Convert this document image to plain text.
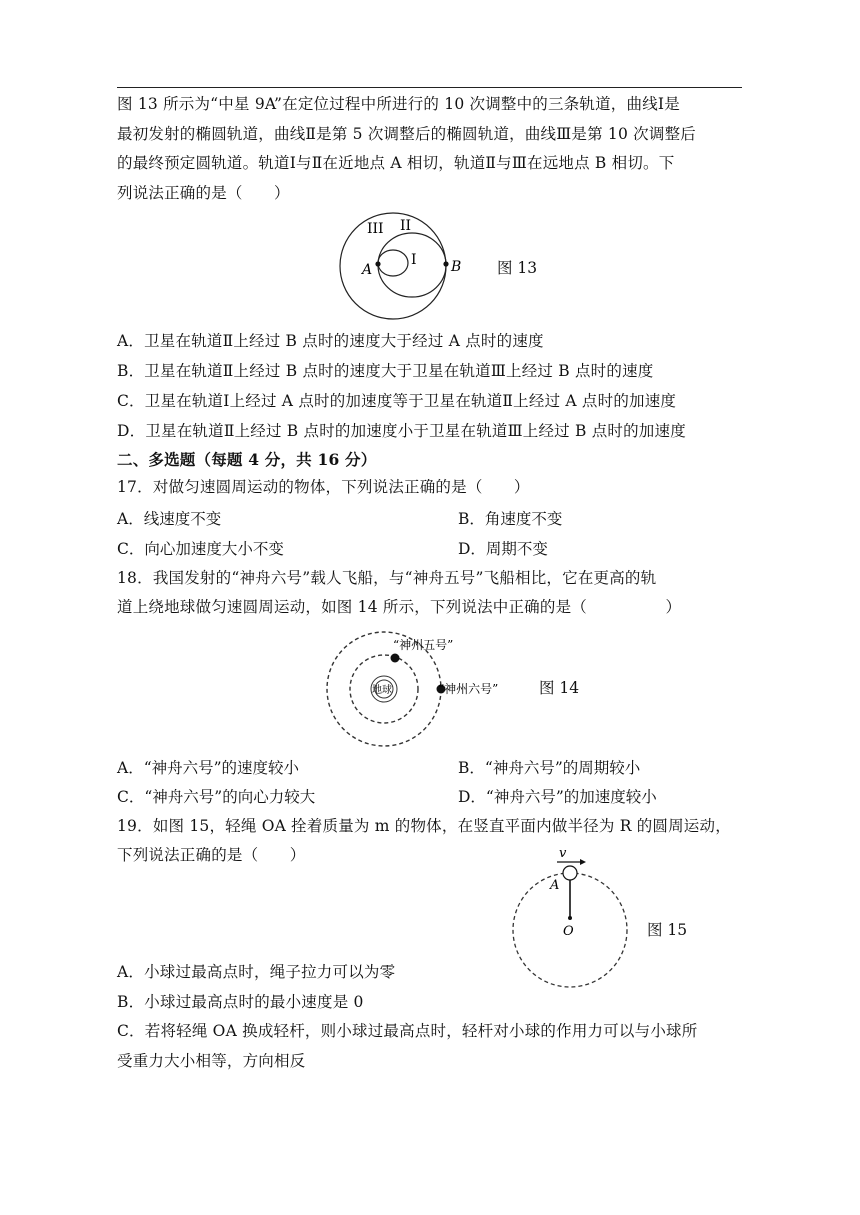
图 13 所示为“中星 9A”在定位过程中所进行的 10 次调整中的三条轨道，曲线Ⅰ是
最初发射的椭圆轨道，曲线Ⅱ是第 5 次调整后的椭圆轨道，曲线Ⅲ是第 10 次调整后
的最终预定圆轨道。轨道Ⅰ与Ⅱ在近地点 A 相切，轨道Ⅱ与Ⅲ在远地点 B 相切。下
列说法正确的是（　　）
III II
I
A	B 图 13
A．卫星在轨道Ⅱ上经过 B 点时的速度大于经过 A 点时的速度
B．卫星在轨道Ⅱ上经过 B 点时的速度大于卫星在轨道Ⅲ上经过 B 点时的速度
C．卫星在轨道Ⅰ上经过 A 点时的加速度等于卫星在轨道Ⅱ上经过 A 点时的加速度
D．卫星在轨道Ⅱ上经过 B 点时的加速度小于卫星在轨道Ⅲ上经过 B 点时的加速度
二、多选题（每题 4 分，共 16 分）
17．对做匀速圆周运动的物体，下列说法正确的是（　　）
A．线速度不变	B．角速度不变
C．向心加速度大小不变	D．周期不变
18．我国发射的“神舟六号”载人飞船，与“神舟五号”飞船相比，它在更高的轨
道上绕地球做匀速圆周运动，如图 14 所示，下列说法中正确的是（　　　　　）
地球
“神州五号”
“神州六号”	图 14
A．“神舟六号”的速度较小	B．“神舟六号”的周期较小
C．“神舟六号”的向心力较大	D．“神舟六号”的加速度较小
19．如图 15，轻绳 OA 拴着质量为 m 的物体，在竖直平面内做半径为 R 的圆周运动，
下列说法正确的是（　　）	v
A
O	图 15
A．小球过最高点时，绳子拉力可以为零
B．小球过最高点时的最小速度是 0
C．若将轻绳 OA 换成轻杆，则小球过最高点时，轻杆对小球的作用力可以与小球所
受重力大小相等，方向相反
